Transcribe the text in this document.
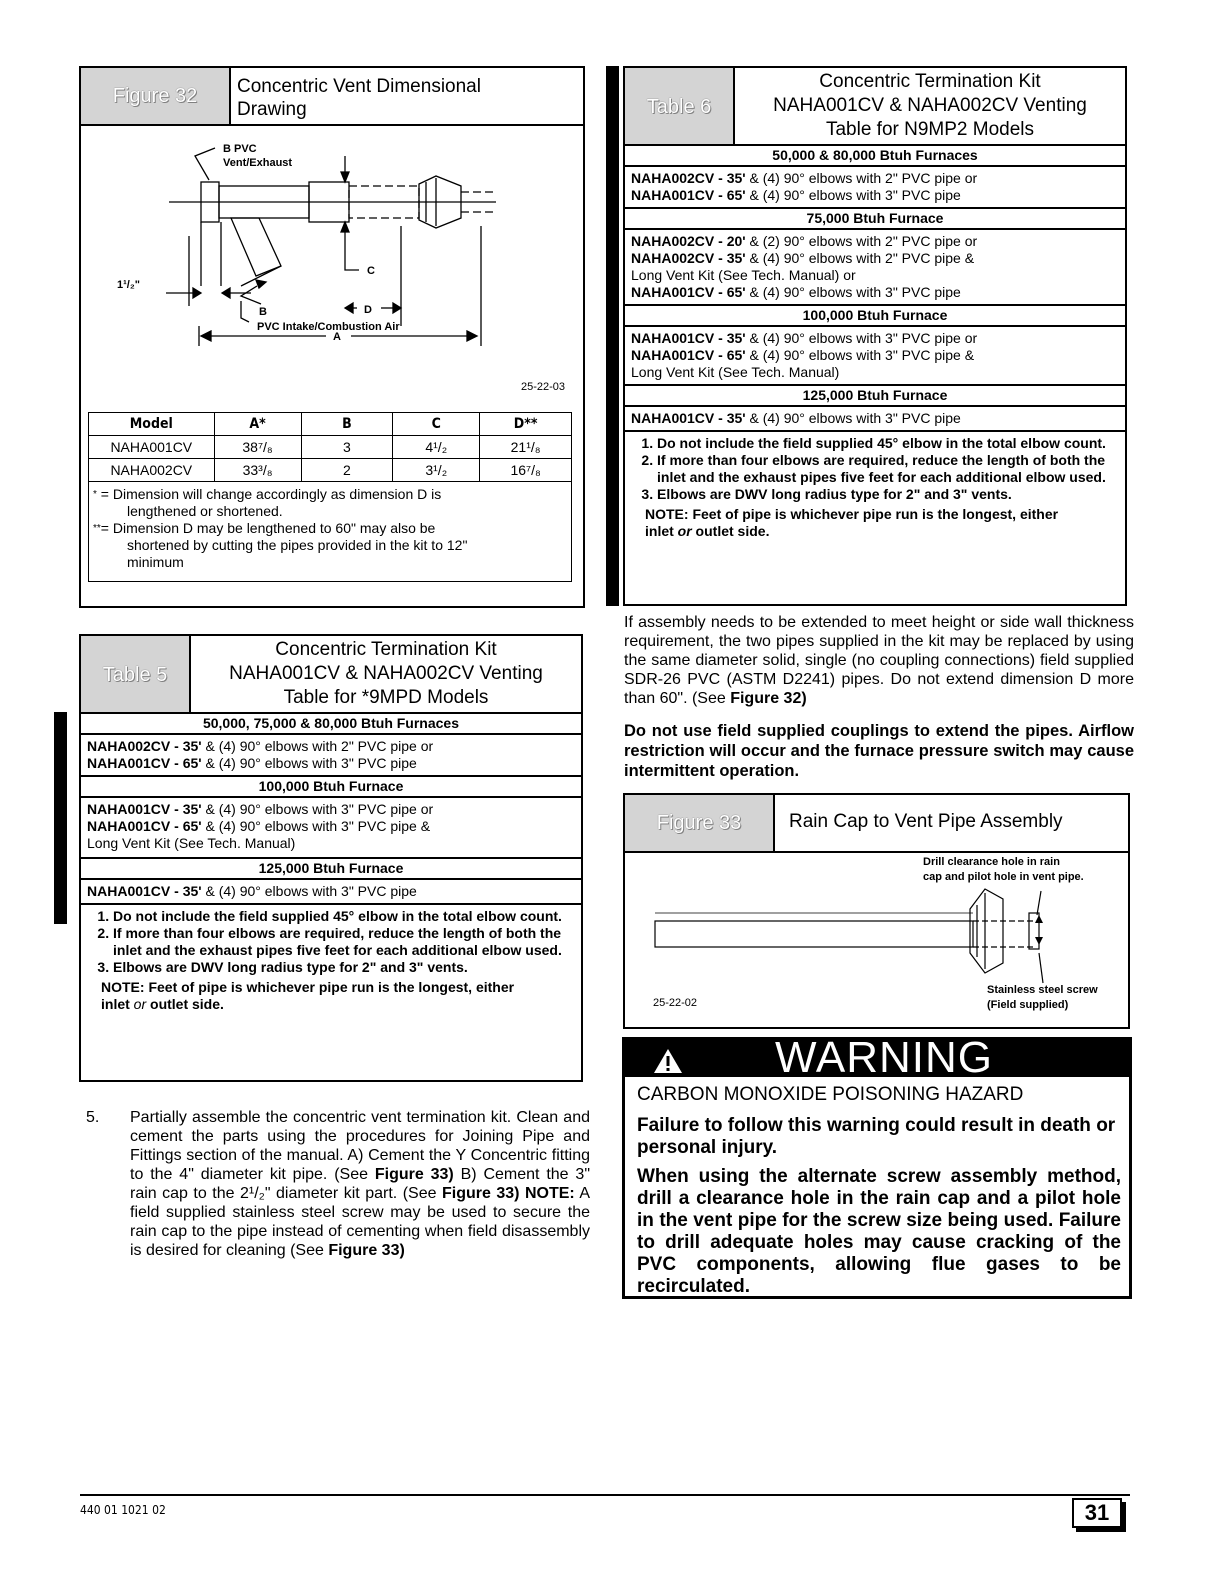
Figure 32	Concentric Vent Dimensional
Drawing
B PVC
Vent/Exhaust
C
1¹/₂"
B	D
PVC Intake/Combustion Air
A
25-22-03
Model	A*	B	C	D**
NAHA001CV	38⁷/₈	3	4¹/₂	21¹/₈
NAHA002CV	33³/₈	2	3¹/₂	16⁷/₈
* = Dimension will change accordingly as dimension D is
lengthened or shortened.
**= Dimension D may be lengthened to 60" may also be
shortened by cutting the pipes provided in the kit to 12"
minimum
Table 5
Concentric Termination Kit
NAHA001CV & NAHA002CV Venting
Table for *9MPD Models
50,000, 75,000 & 80,000 Btuh Furnaces
NAHA002CV - 35' & (4) 90° elbows with 2" PVC pipe or
NAHA001CV - 65' & (4) 90° elbows with 3" PVC pipe
100,000 Btuh Furnace
NAHA001CV - 35' & (4) 90° elbows with 3" PVC pipe or
NAHA001CV - 65' & (4) 90° elbows with 3" PVC pipe &
Long Vent Kit (See Tech. Manual)
125,000 Btuh Furnace
NAHA001CV - 35' & (4) 90° elbows with 3" PVC pipe
1. Do not include the field supplied 45° elbow in the total elbow count.
2. If more than four elbows are required, reduce the length of both the inlet and the exhaust pipes five feet for each additional elbow used.
3. Elbows are DWV long radius type for 2" and 3" vents.
NOTE: Feet of pipe is whichever pipe run is the longest, either
inlet or outlet side.
5. Partially assemble the concentric vent termination kit. Clean and cement the parts using the procedures for Joining Pipe and Fittings section of the manual. A) Cement the Y Concentric fitting to the 4" diameter kit pipe. (See Figure 33) B) Cement the 3" rain cap to the 2¹/₂" diameter kit part. (See Figure 33) NOTE: A field supplied stainless steel screw may be used to secure the rain cap to the pipe instead of cementing when field disassembly is desired for cleaning (See Figure 33)
Table 6
Concentric Termination Kit
NAHA001CV & NAHA002CV Venting
Table for N9MP2 Models
50,000 & 80,000 Btuh Furnaces
NAHA002CV - 35' & (4) 90° elbows with 2" PVC pipe or
NAHA001CV - 65' & (4) 90° elbows with 3" PVC pipe
75,000 Btuh Furnace
NAHA002CV - 20' & (2) 90° elbows with 2" PVC pipe or
NAHA002CV - 35' & (4) 90° elbows with 2" PVC pipe &
Long Vent Kit (See Tech. Manual) or
NAHA001CV - 65' & (4) 90° elbows with 3" PVC pipe
100,000 Btuh Furnace
NAHA001CV - 35' & (4) 90° elbows with 3" PVC pipe or
NAHA001CV - 65' & (4) 90° elbows with 3" PVC pipe &
Long Vent Kit (See Tech. Manual)
125,000 Btuh Furnace
NAHA001CV - 35' & (4) 90° elbows with 3" PVC pipe
1. Do not include the field supplied 45° elbow in the total elbow count.
2. If more than four elbows are required, reduce the length of both the inlet and the exhaust pipes five feet for each additional elbow used.
3. Elbows are DWV long radius type for 2" and 3" vents.
NOTE: Feet of pipe is whichever pipe run is the longest, either
inlet or outlet side.
If assembly needs to be extended to meet height or side wall thickness requirement, the two pipes supplied in the kit may be replaced by using the same diameter solid, single (no coupling connections) field supplied SDR-26 PVC (ASTM D2241) pipes. Do not extend dimension D more than 60". (See Figure 32)
Do not use field supplied couplings to extend the pipes. Airflow restriction will occur and the furnace pressure switch may cause intermittent operation.
Figure 33	Rain Cap to Vent Pipe Assembly
Drill clearance hole in rain
cap and pilot hole in vent pipe.
Stainless steel screw
(Field supplied)
25-22-02
WARNING
CARBON MONOXIDE POISONING HAZARD
Failure to follow this warning could result in death or personal injury.
When using the alternate screw assembly method, drill a clearance hole in the rain cap and a pilot hole in the vent pipe for the screw size being used. Failure to drill adequate holes may cause cracking of the PVC components, allowing flue gases to be recirculated.
440 01 1021 02	31
